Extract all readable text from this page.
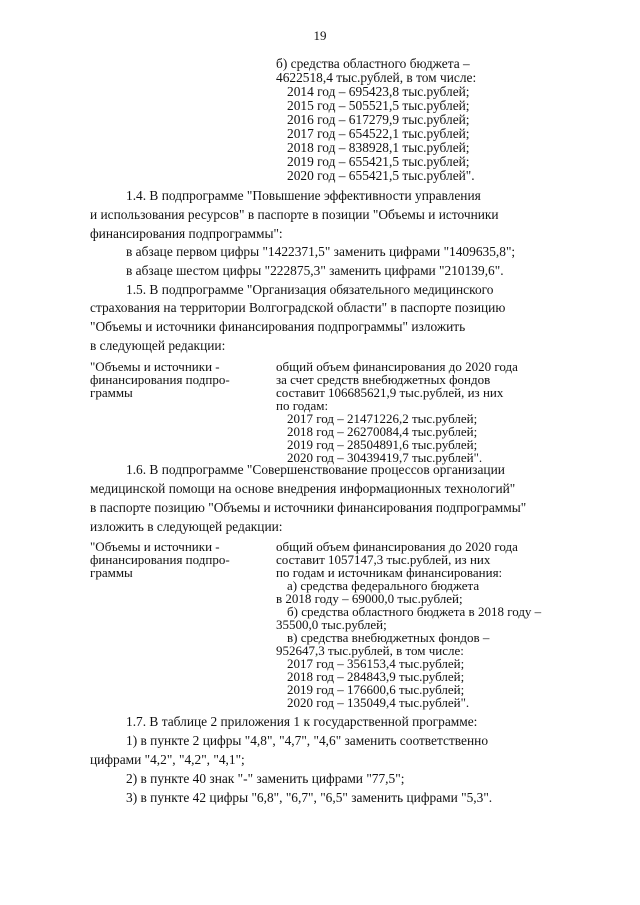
19
б) средства областного бюджета –
4622518,4 тыс.рублей, в том числе:
2014 год – 695423,8 тыс.рублей;
2015 год – 505521,5 тыс.рублей;
2016 год – 617279,9 тыс.рублей;
2017 год – 654522,1 тыс.рублей;
2018 год – 838928,1 тыс.рублей;
2019 год – 655421,5 тыс.рублей;
2020 год – 655421,5 тыс.рублей".
1.4. В подпрограмме "Повышение эффективности управления
и использования ресурсов" в паспорте в позиции "Объемы и источники
финансирования подпрограммы":
в абзаце первом цифры "1422371,5" заменить цифрами "1409635,8";
в абзаце шестом цифры "222875,3" заменить цифрами "210139,6".
1.5. В подпрограмме "Организация обязательного медицинского
страхования на территории Волгоградской области" в паспорте позицию
"Объемы и источники финансирования подпрограммы" изложить
в следующей редакции:
"Объемы и источники -
финансирования подпро-
граммы
общий объем финансирования до 2020 года
за счет средств внебюджетных фондов
составит 106685621,9 тыс.рублей, из них
по годам:
2017 год – 21471226,2 тыс.рублей;
2018 год – 26270084,4 тыс.рублей;
2019 год – 28504891,6 тыс.рублей;
2020 год – 30439419,7 тыс.рублей".
1.6. В подпрограмме "Совершенствование процессов организации
медицинской помощи на основе внедрения информационных технологий"
в паспорте позицию "Объемы и источники финансирования подпрограммы"
изложить в следующей редакции:
"Объемы и источники -
финансирования подпро-
граммы
общий объем финансирования до 2020 года
составит 1057147,3 тыс.рублей, из них
по годам и источникам финансирования:
а) средства федерального бюджета
в 2018 году – 69000,0 тыс.рублей;
б) средства областного бюджета в 2018 году –
35500,0 тыс.рублей;
в) средства внебюджетных фондов –
952647,3 тыс.рублей, в том числе:
2017 год – 356153,4 тыс.рублей;
2018 год – 284843,9 тыс.рублей;
2019 год – 176600,6 тыс.рублей;
2020 год – 135049,4 тыс.рублей".
1.7. В таблице 2 приложения 1 к государственной программе:
1) в пункте 2 цифры "4,8", "4,7", "4,6" заменить соответственно
цифрами "4,2", "4,2", "4,1";
2) в пункте 40 знак "-" заменить цифрами "77,5";
3) в пункте 42 цифры "6,8", "6,7", "6,5" заменить цифрами "5,3".
